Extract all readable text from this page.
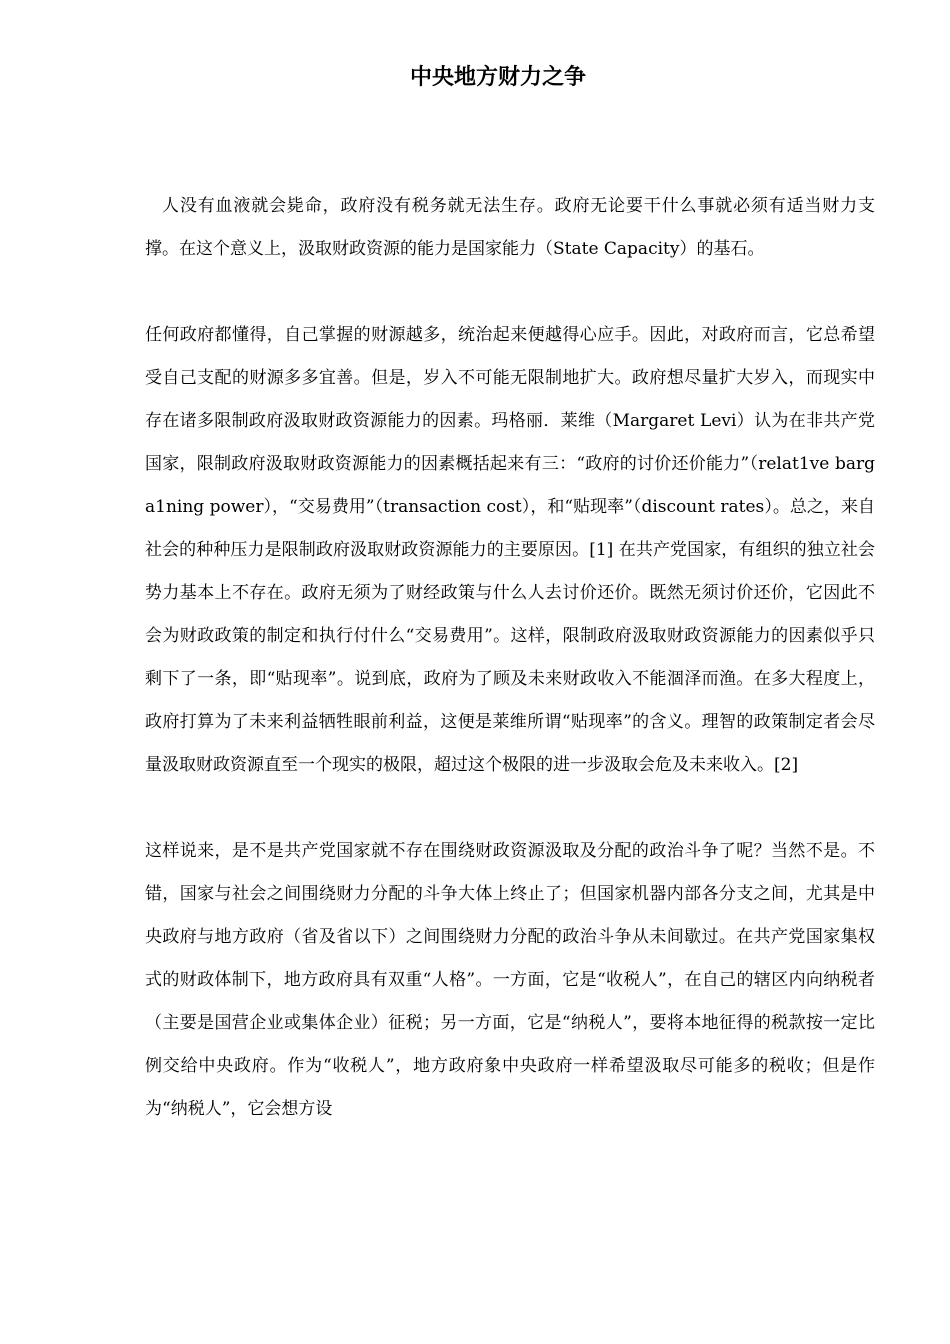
中央地方财力之争

人没有血液就会毙命，政府没有税务就无法生存。政府无论要干什么事就必须有适当财力支撑。在这个意义上，汲取财政资源的能力是国家能力（State Capacity）的基石。

任何政府都懂得，自己掌握的财源越多，统治起来便越得心应手。因此，对政府而言，它总希望受自己支配的财源多多宜善。但是，岁入不可能无限制地扩大。政府想尽量扩大岁入，而现实中存在诸多限制政府汲取财政资源能力的因素。玛格丽．莱维（Margaret Levi）认为在非共产党国家，限制政府汲取财政资源能力的因素概括起来有三：“政府的讨价还价能力”（relat1ve barga1ning power），“交易费用”（transaction cost），和“贴现率”（discount rates）。总之，来自社会的种种压力是限制政府汲取财政资源能力的主要原因。[1] 在共产党国家，有组织的独立社会势力基本上不存在。政府无须为了财经政策与什么人去讨价还价。既然无须讨价还价，它因此不会为财政政策的制定和执行付什么“交易费用”。这样，限制政府汲取财政资源能力的因素似乎只剩下了一条，即“贴现率”。说到底，政府为了顾及未来财政收入不能涸泽而渔。在多大程度上，政府打算为了未来利益牺牲眼前利益，这便是莱维所谓“贴现率”的含义。理智的政策制定者会尽量汲取财政资源直至一个现实的极限，超过这个极限的进一步汲取会危及未来收入。[2]

这样说来，是不是共产党国家就不存在围绕财政资源汲取及分配的政治斗争了呢？当然不是。不错，国家与社会之间围绕财力分配的斗争大体上终止了；但国家机器内部各分支之间，尤其是中央政府与地方政府（省及省以下）之间围绕财力分配的政治斗争从未间歇过。在共产党国家集权式的财政体制下，地方政府具有双重“人格”。一方面，它是“收税人”，在自己的辖区内向纳税者（主要是国营企业或集体企业）征税；另一方面，它是“纳税人”，要将本地征得的税款按一定比例交给中央政府。作为“收税人”，地方政府象中央政府一样希望汲取尽可能多的税收；但是作为“纳税人”，它会想方设
